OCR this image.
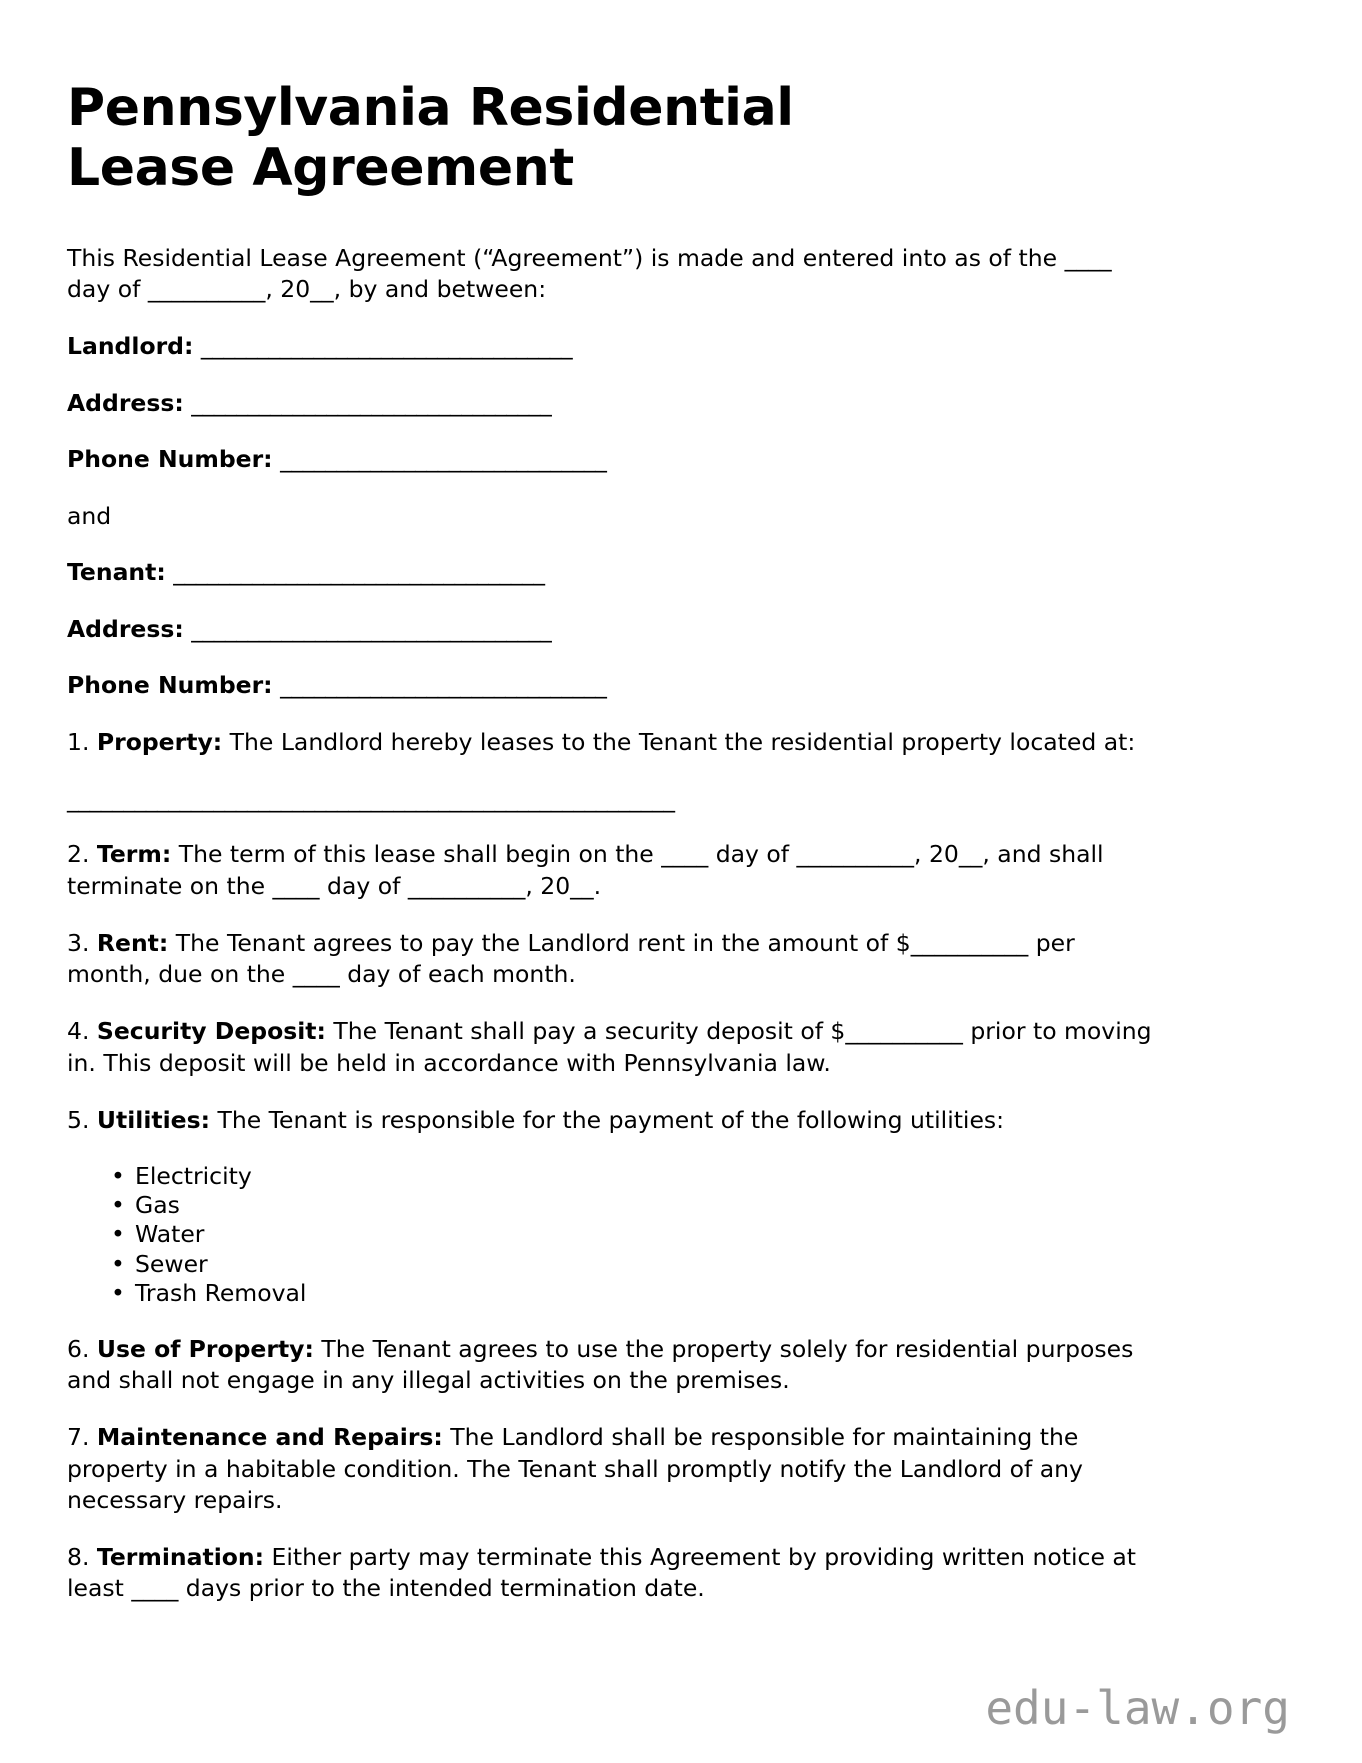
Pennsylvania Residential Lease Agreement

This Residential Lease Agreement (“Agreement”) is made and entered into as of the ____ day of __________, 20__, by and between:

Landlord: _________________________________
Address: ________________________________
Phone Number: _____________________________
and
Tenant: _________________________________
Address: ________________________________
Phone Number: _____________________________
1. Property: The Landlord hereby leases to the Tenant the residential property located at:
______________________________________________________
2. Term: The term of this lease shall begin on the ____ day of __________, 20__, and shall terminate on the ____ day of __________, 20__.
3. Rent: The Tenant agrees to pay the Landlord rent in the amount of $__________ per month, due on the ____ day of each month.
4. Security Deposit: The Tenant shall pay a security deposit of $__________ prior to moving in. This deposit will be held in accordance with Pennsylvania law.
5. Utilities: The Tenant is responsible for the payment of the following utilities:
• Electricity
• Gas
• Water
• Sewer
• Trash Removal
6. Use of Property: The Tenant agrees to use the property solely for residential purposes and shall not engage in any illegal activities on the premises.
7. Maintenance and Repairs: The Landlord shall be responsible for maintaining the property in a habitable condition. The Tenant shall promptly notify the Landlord of any necessary repairs.
8. Termination: Either party may terminate this Agreement by providing written notice at least ____ days prior to the intended termination date.
edu-law.org
